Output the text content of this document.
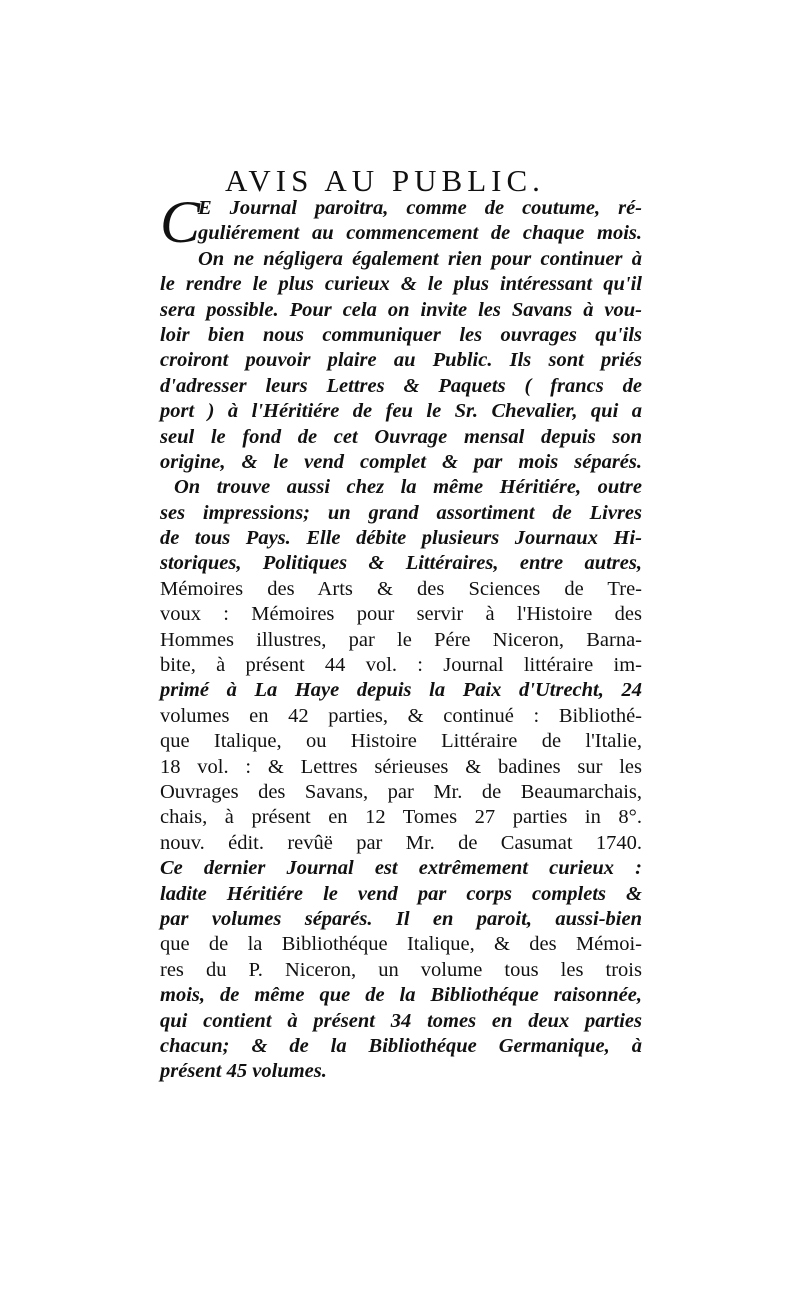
AVIS AU PUBLIC.
C
E Journal paroitra, comme de coutume, ré-
guliérement au commencement de chaque mois.
On ne négligera également rien pour continuer à
le rendre le plus curieux & le plus intéressant qu'il
sera possible. Pour cela on invite les Savans à vou-
loir bien nous communiquer les ouvrages qu'ils
croiront pouvoir plaire au Public. Ils sont priés
d'adresser leurs Lettres & Paquets ( francs de
port ) à l'Héritiére de feu le Sr. Chevalier, qui a
seul le fond de cet Ouvrage mensal depuis son
origine, & le vend complet & par mois séparés.
On trouve aussi chez la même Héritiére, outre
ses impressions; un grand assortiment de Livres
de tous Pays. Elle débite plusieurs Journaux Hi-
storiques, Politiques & Littéraires, entre autres,
Mémoires des Arts & des Sciences de Tre-
voux : Mémoires pour servir à l'Histoire des
Hommes illustres, par le Pére Niceron, Barna-
bite, à présent 44 vol. : Journal littéraire im-
primé à La Haye depuis la Paix d'Utrecht, 24
volumes en 42 parties, & continué : Bibliothé-
que Italique, ou Histoire Littéraire de l'Italie,
18 vol. : & Lettres sérieuses & badines sur les
Ouvrages des Savans, par Mr. de Beaumarchais,
chais, à présent en 12 Tomes 27 parties in 8°.
nouv. édit. revûë par Mr. de Casumat 1740.
Ce dernier Journal est extrêmement curieux :
ladite Héritiére le vend par corps complets &
par volumes séparés. Il en paroit, aussi-bien
que de la Bibliothéque Italique, & des Mémoi-
res du P. Niceron, un volume tous les trois
mois, de même que de la Bibliothéque raisonnée,
qui contient à présent 34 tomes en deux parties
chacun; & de la Bibliothéque Germanique, à
présent 45 volumes.
